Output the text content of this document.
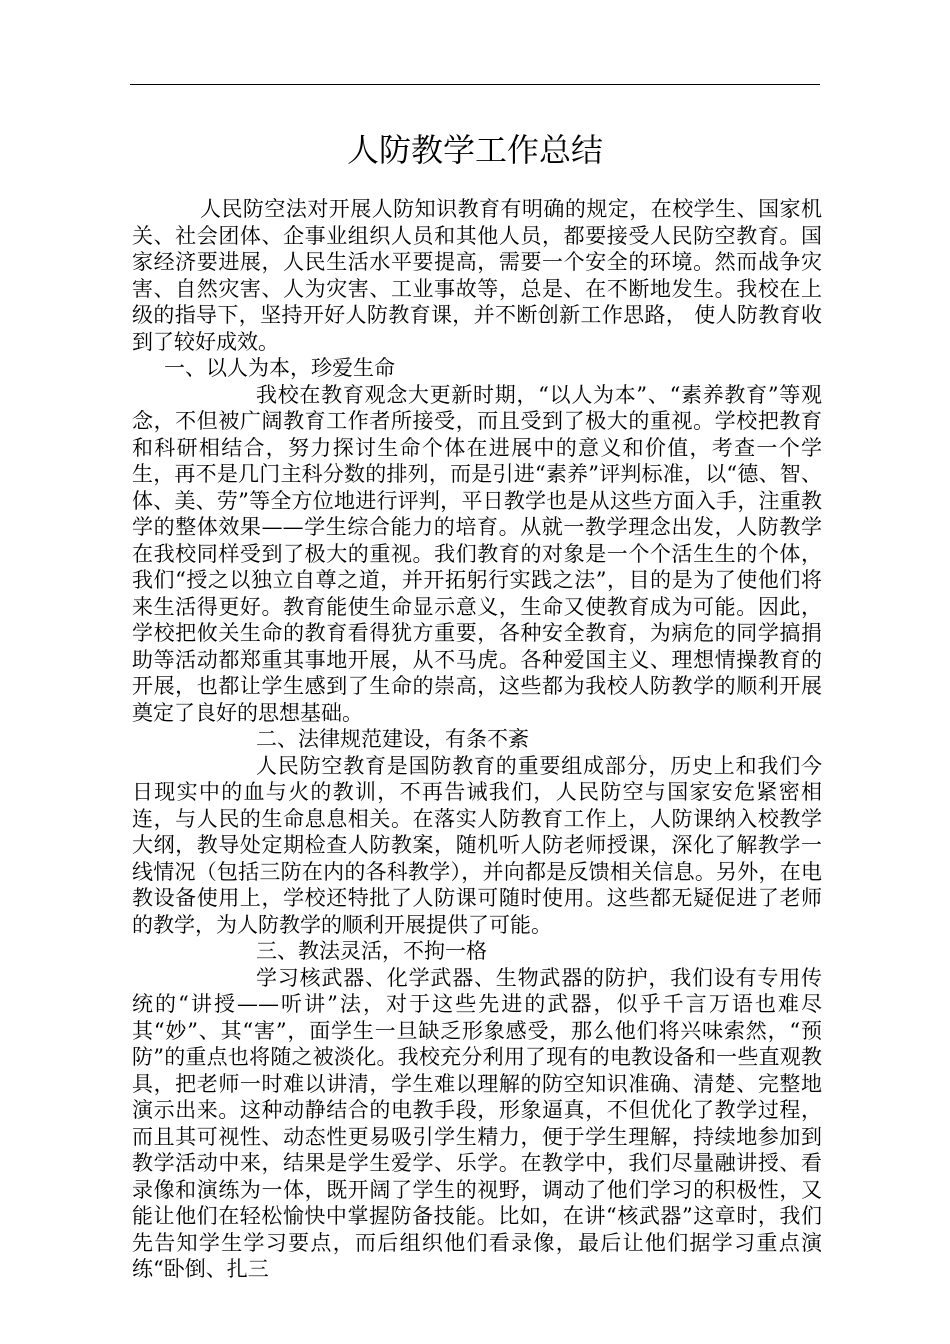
人防教学工作总结

人民防空法对开展人防知识教育有明确的规定，在校学生、国家机关、社会团体、企事业组织人员和其他人员，都要接受人民防空教育。国家经济要进展，人民生活水平要提高，需要一个安全的环境。然而战争灾害、自然灾害、人为灾害、工业事故等，总是、在不断地发生。我校在上级的指导下，坚持开好人防教育课，并不断创新工作思路， 使人防教育收到了较好成效。

一、以人为本，珍爱生命

我校在教育观念大更新时期，“以人为本”、“素养教育”等观念，不但被广阔教育工作者所接受，而且受到了极大的重视。学校把教育和科研相结合，努力探讨生命个体在进展中的意义和价值，考查一个学生，再不是几门主科分数的排列，而是引进“素养”评判标准，以“德、智、体、美、劳”等全方位地进行评判，平日教学也是从这些方面入手，注重教学的整体效果——学生综合能力的培育。从就一教学理念出发，人防教学在我校同样受到了极大的重视。我们教育的对象是一个个活生生的个体，我们“授之以独立自尊之道，并开拓躬行实践之法”，目的是为了使他们将来生活得更好。教育能使生命显示意义，生命又使教育成为可能。因此，学校把攸关生命的教育看得犹方重要，各种安全教育，为病危的同学搞捐助等活动都郑重其事地开展，从不马虎。各种爱国主义、理想情操教育的开展，也都让学生感到了生命的崇高，这些都为我校人防教学的顺利开展奠定了良好的思想基础。

二、法律规范建设，有条不紊

人民防空教育是国防教育的重要组成部分，历史上和我们今日现实中的血与火的教训，不再告诫我们，人民防空与国家安危紧密相连，与人民的生命息息相关。在落实人防教育工作上，人防课纳入校教学大纲，教导处定期检查人防教案，随机听人防老师授课，深化了解教学一线情况（包括三防在内的各科教学），并向都是反馈相关信息。另外，在电教设备使用上，学校还特批了人防课可随时使用。这些都无疑促进了老师的教学，为人防教学的顺利开展提供了可能。

三、教法灵活，不拘一格

学习核武器、化学武器、生物武器的防护，我们设有专用传统的“讲授——听讲”法，对于这些先进的武器，似乎千言万语也难尽其“妙”、其“害”，面学生一旦缺乏形象感受，那么他们将兴味索然，“预防”的重点也将随之被淡化。我校充分利用了现有的电教设备和一些直观教具，把老师一时难以讲清，学生难以理解的防空知识准确、清楚、完整地演示出来。这种动静结合的电教手段，形象逼真，不但优化了教学过程，而且其可视性、动态性更易吸引学生精力，便于学生理解，持续地参加到教学活动中来，结果是学生爱学、乐学。在教学中，我们尽量融讲授、看录像和演练为一体，既开阔了学生的视野，调动了他们学习的积极性，又能让他们在轻松愉快中掌握防备技能。比如，在讲“核武器”这章时，我们先告知学生学习要点，而后组织他们看录像，最后让他们据学习重点演练“卧倒、扎三
